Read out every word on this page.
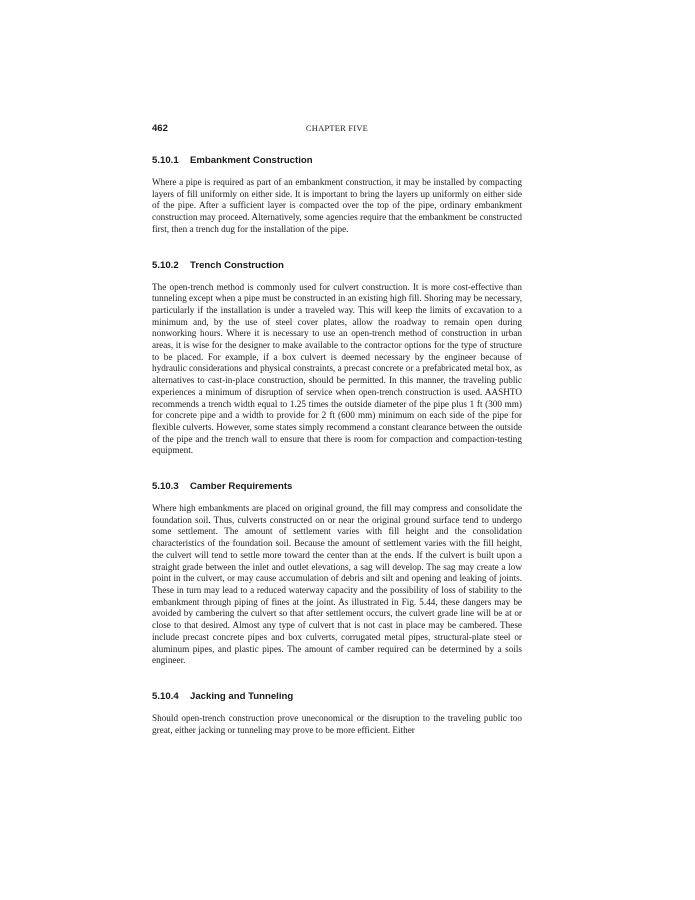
462	CHAPTER FIVE
5.10.1 Embankment Construction

Where a pipe is required as part of an embankment construction, it may be installed by compacting layers of fill uniformly on either side. It is important to bring the layers up uniformly on either side of the pipe. After a sufficient layer is compacted over the top of the pipe, ordinary embankment construction may proceed. Alternatively, some agencies require that the embankment be constructed first, then a trench dug for the installation of the pipe.

5.10.2 Trench Construction

The open-trench method is commonly used for culvert construction. It is more cost-effective than tunneling except when a pipe must be constructed in an existing high fill. Shoring may be necessary, particularly if the installation is under a traveled way. This will keep the limits of excavation to a minimum and, by the use of steel cover plates, allow the roadway to remain open during nonworking hours. Where it is necessary to use an open-trench method of construction in urban areas, it is wise for the designer to make available to the contractor options for the type of structure to be placed. For example, if a box culvert is deemed necessary by the engineer because of hydraulic considerations and physical constraints, a precast concrete or a prefabricated metal box, as alternatives to cast-in-place construction, should be permitted. In this manner, the traveling public experiences a minimum of disruption of service when open-trench construction is used. AASHTO recommends a trench width equal to 1.25 times the outside diameter of the pipe plus 1 ft (300 mm) for concrete pipe and a width to provide for 2 ft (600 mm) minimum on each side of the pipe for flexible culverts. However, some states simply recommend a constant clearance between the outside of the pipe and the trench wall to ensure that there is room for compaction and compaction-testing equipment.

5.10.3 Camber Requirements

Where high embankments are placed on original ground, the fill may compress and consolidate the foundation soil. Thus, culverts constructed on or near the original ground surface tend to undergo some settlement. The amount of settlement varies with fill height and the consolidation characteristics of the foundation soil. Because the amount of settlement varies with the fill height, the culvert will tend to settle more toward the center than at the ends. If the culvert is built upon a straight grade between the inlet and outlet elevations, a sag will develop. The sag may create a low point in the culvert, or may cause accumulation of debris and silt and opening and leaking of joints. These in turn may lead to a reduced waterway capacity and the possibility of loss of stability to the embankment through piping of fines at the joint. As illustrated in Fig. 5.44, these dangers may be avoided by cambering the culvert so that after settlement occurs, the culvert grade line will be at or close to that desired. Almost any type of culvert that is not cast in place may be cambered. These include precast concrete pipes and box culverts, corrugated metal pipes, structural-plate steel or aluminum pipes, and plastic pipes. The amount of camber required can be determined by a soils engineer.

5.10.4 Jacking and Tunneling

Should open-trench construction prove uneconomical or the disruption to the traveling public too great, either jacking or tunneling may prove to be more efficient. Either
